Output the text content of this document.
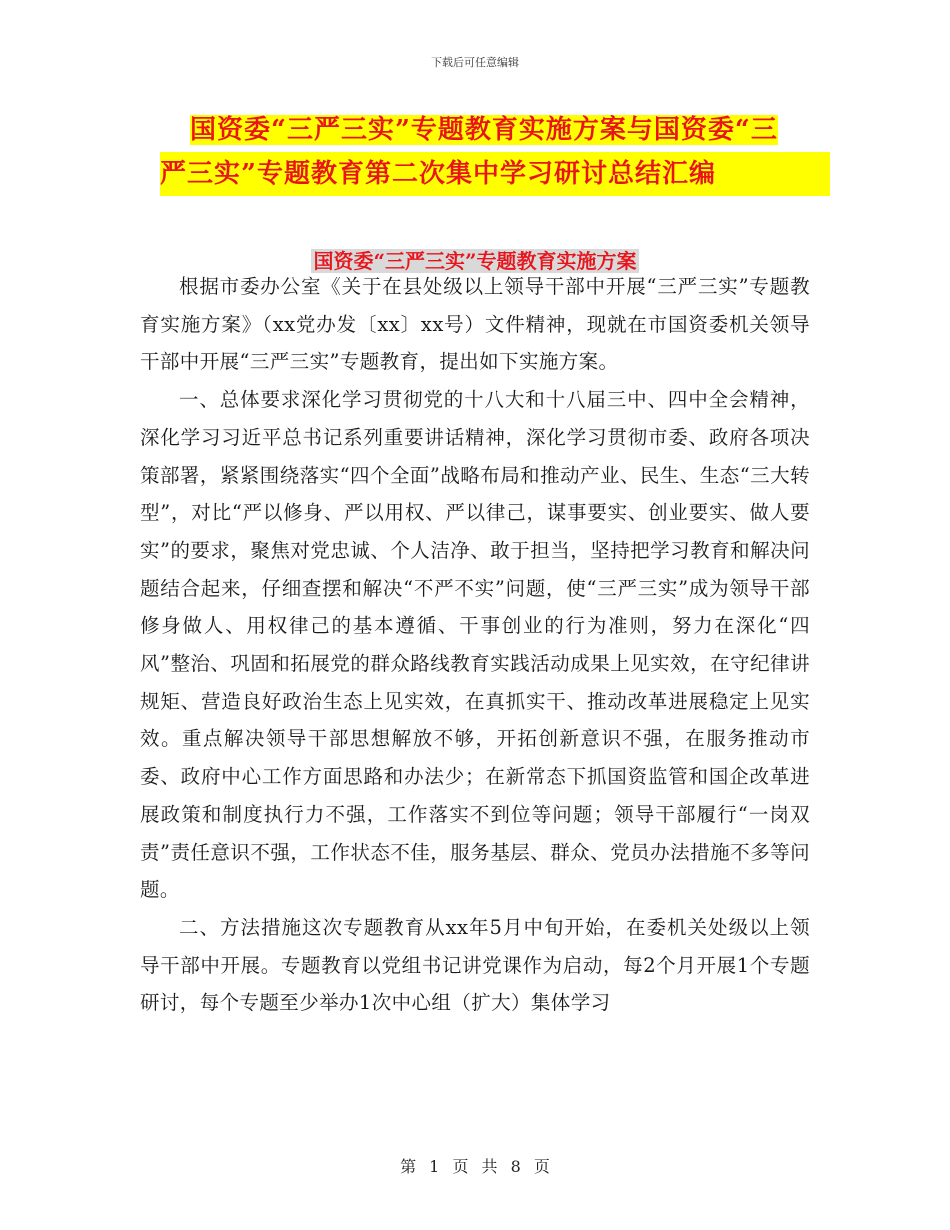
下载后可任意编辑
国资委“三严三实”专题教育实施方案与国资委“三
严三实”专题教育第二次集中学习研讨总结汇编
国资委“三严三实”专题教育实施方案

根据市委办公室《关于在县处级以上领导干部中开展“三严三实”专题教育实施方案》（xx党办发〔xx〕xx号）文件精神，现就在市国资委机关领导干部中开展“三严三实”专题教育，提出如下实施方案。

一、总体要求深化学习贯彻党的十八大和十八届三中、四中全会精神，深化学习习近平总书记系列重要讲话精神，深化学习贯彻市委、政府各项决策部署，紧紧围绕落实“四个全面”战略布局和推动产业、民生、生态“三大转型”，对比“严以修身、严以用权、严以律己，谋事要实、创业要实、做人要实”的要求，聚焦对党忠诚、个人洁净、敢于担当，坚持把学习教育和解决问题结合起来，仔细查摆和解决“不严不实”问题，使“三严三实”成为领导干部修身做人、用权律己的基本遵循、干事创业的行为准则，努力在深化“四风”整治、巩固和拓展党的群众路线教育实践活动成果上见实效，在守纪律讲规矩、营造良好政治生态上见实效，在真抓实干、推动改革进展稳定上见实效。重点解决领导干部思想解放不够，开拓创新意识不强，在服务推动市委、政府中心工作方面思路和办法少；在新常态下抓国资监管和国企改革进展政策和制度执行力不强，工作落实不到位等问题；领导干部履行“一岗双责”责任意识不强，工作状态不佳，服务基层、群众、党员办法措施不多等问题。

二、方法措施这次专题教育从xx年5月中旬开始，在委机关处级以上领导干部中开展。专题教育以党组书记讲党课作为启动，每2个月开展1个专题研讨，每个专题至少举办1次中心组（扩大）集体学习

第 1 页 共 8 页
